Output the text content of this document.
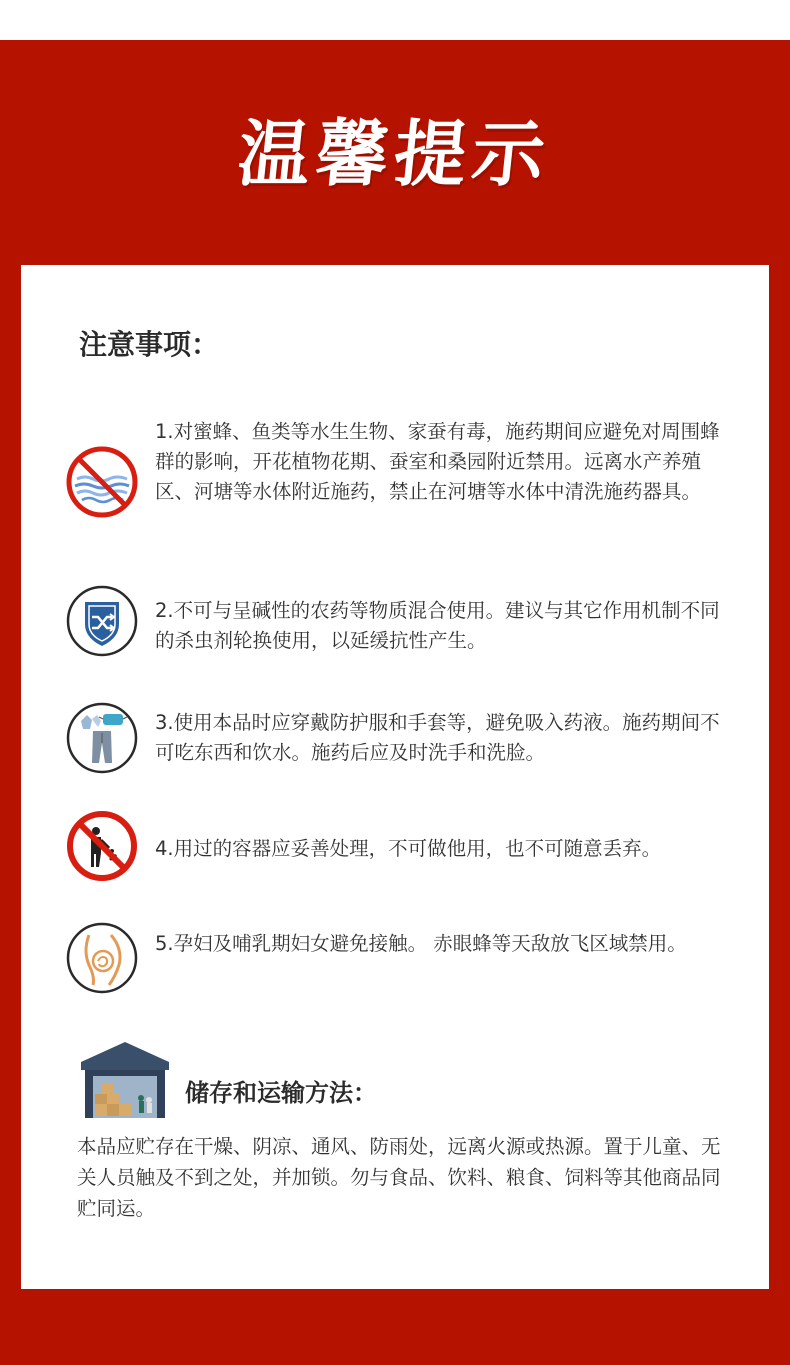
温馨提示
注意事项：
1.对蜜蜂、鱼类等水生生物、家蚕有毒，施药期间应避免对周围蜂群的影响，开花植物花期、蚕室和桑园附近禁用。远离水产养殖区、河塘等水体附近施药，禁止在河塘等水体中清洗施药器具。
2.不可与呈碱性的农药等物质混合使用。建议与其它作用机制不同的杀虫剂轮换使用，以延缓抗性产生。
3.使用本品时应穿戴防护服和手套等，避免吸入药液。施药期间不可吃东西和饮水。施药后应及时洗手和洗脸。
4.用过的容器应妥善处理，不可做他用，也不可随意丢弃。
5.孕妇及哺乳期妇女避免接触。 赤眼蜂等天敌放飞区域禁用。
储存和运输方法：
本品应贮存在干燥、阴凉、通风、防雨处，远离火源或热源。置于儿童、无关人员触及不到之处，并加锁。勿与食品、饮料、粮食、饲料等其他商品同贮同运。
